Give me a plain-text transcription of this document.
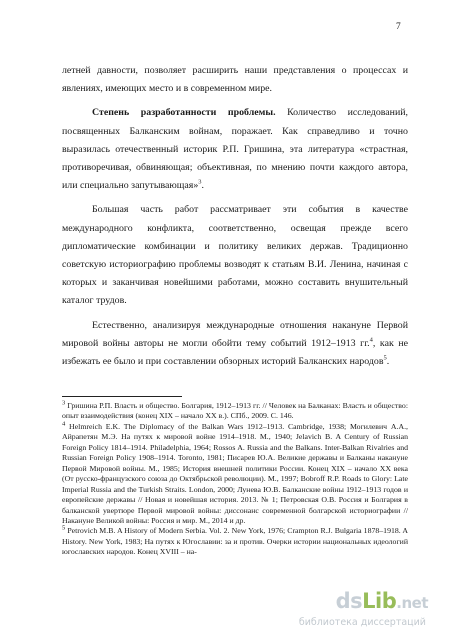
7

летней давности, позволяет расширить наши представления о процессах и явлениях, имеющих место и в современном мире.

Степень разработанности проблемы. Количество исследований, посвященных Балканским войнам, поражает. Как справедливо и точно выразилась отечественный историк Р.П. Гришина, эта литература «страстная, противоречивая, обвиняющая; объективная, по мнению почти каждого автора, или специально запутывающая»$^3$.

Большая часть работ рассматривает эти события в качестве международного конфликта, соответственно, освещая прежде всего дипломатические комбинации и политику великих держав. Традиционно советскую историографию проблемы возводят к статьям В.И. Ленина, начиная с которых и заканчивая новейшими работами, можно составить внушительный каталог трудов.

Естественно, анализируя международные отношения накануне Первой мировой войны авторы не могли обойти тему событий 1912–1913 гг.$^4$, как не избежать ее было и при составлении обзорных историй Балканских народов$^5$.

$^3$ Гришина Р.П. Власть и общество. Болгария, 1912–1913 гг. // Человек на Балканах: Власть и общество: опыт взаимодействия (конец XIX – начало XX в.). СПб., 2009. С. 146.

$^4$ Helmreich E.K. The Diplomacy of the Balkan Wars 1912–1913. Cambridge, 1938; Могилевич А.А., Айрапетян М.Э. На путях к мировой войне 1914–1918. М., 1940; Jelavich B. A Century of Russian Foreign Policy 1814–1914. Philadelphia, 1964; Rossos A. Russia and the Balkans. Inter-Balkan Rivalries and Russian Foreign Policy 1908–1914. Toronto, 1981; Писарев Ю.А. Великие державы и Балканы накануне Первой Мировой войны. М., 1985; История внешней политики России. Конец XIX – начало XX века (От русско-французского союза до Октябрьской революции). М., 1997; Bobroff R.P. Roads to Glory: Late Imperial Russia and the Turkish Straits. London, 2000; Лунева Ю.В. Балканские войны 1912–1913 годов и европейские державы // Новая и новейшая история. 2013. № 1; Петровская О.В. Россия и Болгария в балканской увертюре Первой мировой войны: диссонанс современной болгарской историографии // Накануне Великой войны: Россия и мир. М., 2014 и др.

$^5$ Petrovich M.B. A History of Modern Serbia. Vol. 2. New York, 1976; Crampton R.J. Bulgaria 1878–1918. A History. New York, 1983; На путях к Югославии: за и против. Очерки истории национальных идеологий югославских народов. Конец XVIII – на-

dsLib.net
библиотека диссертаций
